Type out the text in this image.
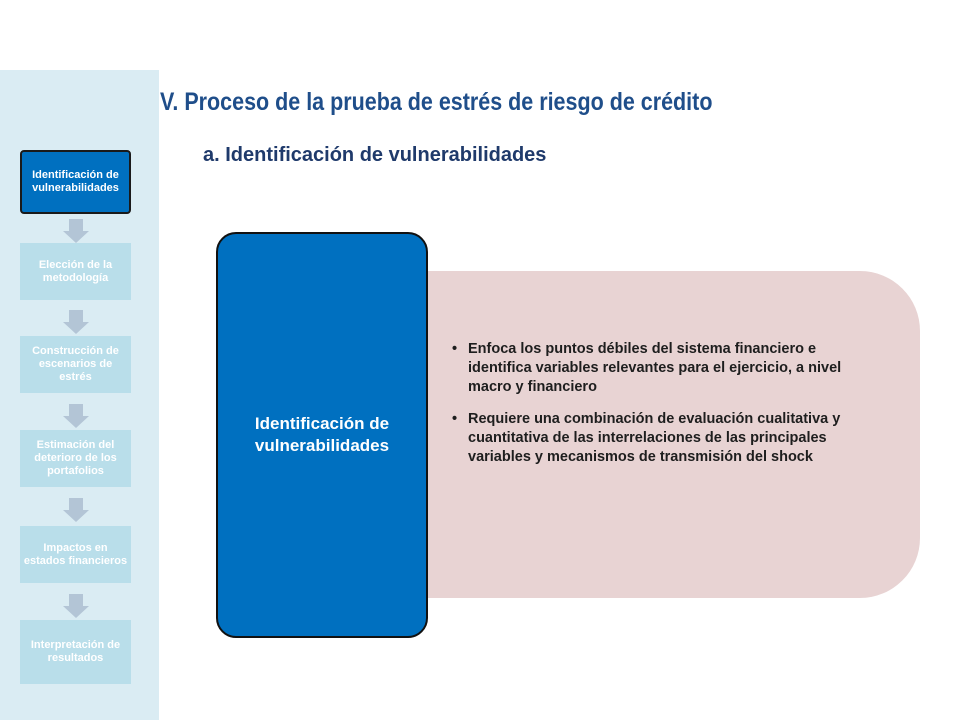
Identificación de vulnerabilidades
Elección de la metodología
Construcción de escenarios de estrés
Estimación del deterioro de los portafolios
Impactos en estados financieros
Interpretación de resultados
V. Proceso de la prueba de estrés de riesgo de crédito
a. Identificación de vulnerabilidades
• Enfoca los puntos débiles del sistema financiero e identifica variables relevantes para el ejercicio, a nivel macro y financiero
• Requiere una combinación de evaluación cualitativa y cuantitativa de las interrelaciones de las principales variables y mecanismos de transmisión del shock
Identificación de vulnerabilidades
